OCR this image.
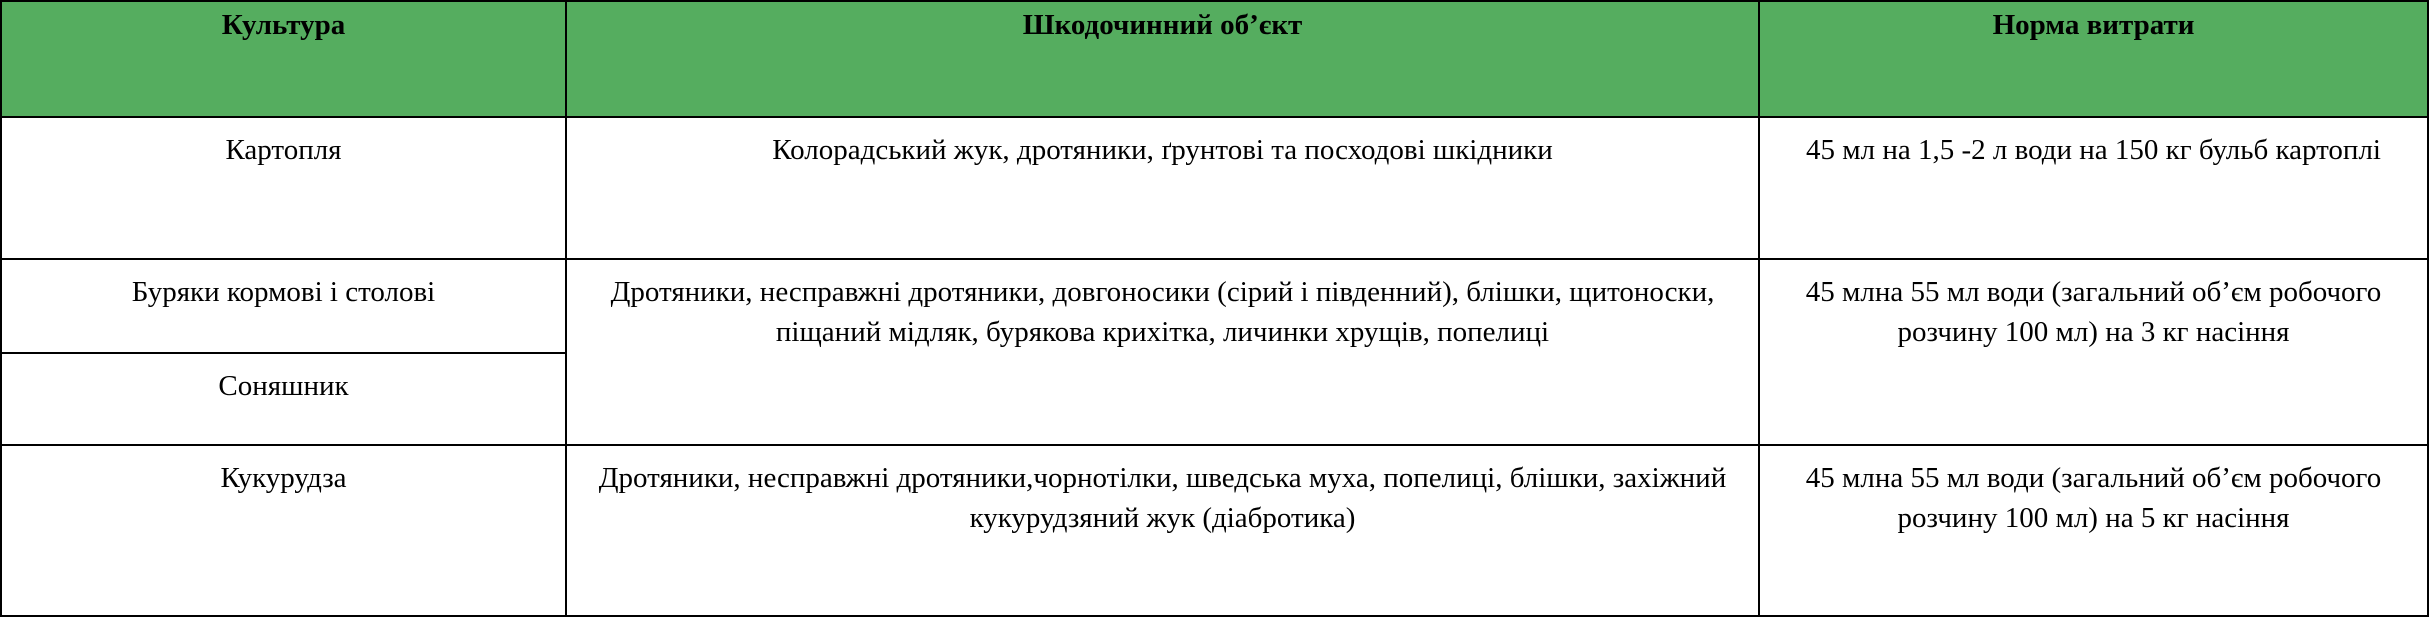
Культура	Шкодочинний об’єкт	Норма витрати
Картопля	Колорадський жук, дротяники, ґрунтові та посходові шкідники	45 мл на 1,5 -2 л води на 150 кг бульб картоплі
Буряки кормові і столові	Дротяники, несправжні дротяники, довгоносики (сірий і південний), блішки, щитоноски, піщаний мідляк, бурякова крихітка, личинки хрущів, попелиці	45 млна 55 мл води (загальний об’єм робочого розчину 100 мл) на 3 кг насіння
Соняшник		
Кукурудза	Дротяники, несправжні дротяники,чорнотілки, шведська муха, попелиці, блішки, захіжний кукурудзяний жук (діабротика)	45 млна 55 мл води (загальний об’єм робочого розчину 100 мл) на 5 кг насіння
